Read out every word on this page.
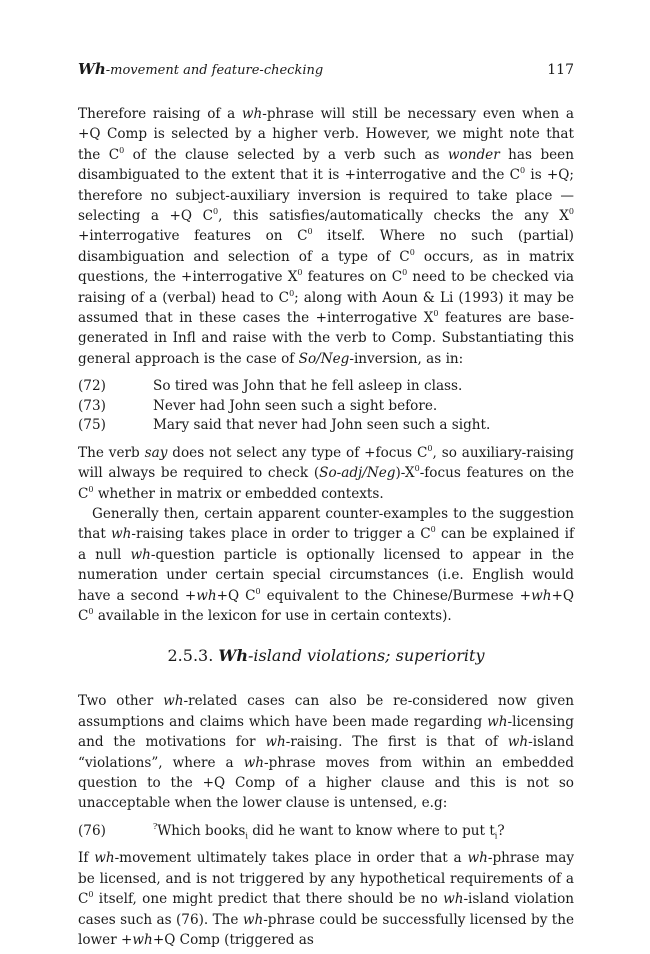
Wh-movement and feature-checking	117

Therefore raising of a wh-phrase will still be necessary even when a +Q Comp is selected by a higher verb. However, we might note that the $C^0$ of the clause selected by a verb such as wonder has been disambiguated to the extent that it is +interrogative and the $C^0$ is +Q; therefore no subject-auxiliary inversion is required to take place — selecting a +Q $C^0$, this satisfies/automatically checks the any $X^0$ +interrogative features on $C^0$ itself. Where no such (partial) disambiguation and selection of a type of $C^0$ occurs, as in matrix questions, the +interrogative $X^0$ features on $C^0$ need to be checked via raising of a (verbal) head to $C^0$; along with Aoun & Li (1993) it may be assumed that in these cases the +interrogative $X^0$ features are base-generated in Infl and raise with the verb to Comp. Substantiating this general approach is the case of So/Neg-inversion, as in:

(72)	So tired was John that he fell asleep in class.
(73)	Never had John seen such a sight before.
(75)	Mary said that never had John seen such a sight.

The verb say does not select any type of +focus $C^0$, so auxiliary-raising will always be required to check $(So-adj/Neg)-X^0$-focus features on the $C^0$ whether in matrix or embedded contexts.

Generally then, certain apparent counter-examples to the suggestion that wh-raising takes place in order to trigger a $C^0$ can be explained if a null wh-question particle is optionally licensed to appear in the numeration under certain special circumstances (i.e. English would have a second +wh+Q $C^0$ equivalent to the Chinese/Burmese +wh+Q $C^0$ available in the lexicon for use in certain contexts).

2.5.3. Wh-island violations; superiority

Two other wh-related cases can also be re-considered now given assumptions and claims which have been made regarding wh-licensing and the motivations for wh-raising. The first is that of wh-island “violations”, where a wh-phrase moves from within an embedded question to the +Q Comp of a higher clause and this is not so unacceptable when the lower clause is untensed, e.g:

(76)	?Which books$_i$ did he want to know where to put $t_i$?

If wh-movement ultimately takes place in order that a wh-phrase may be licensed, and is not triggered by any hypothetical requirements of a $C^0$ itself, one might predict that there should be no wh-island violation cases such as (76). The wh-phrase could be successfully licensed by the lower +wh+Q Comp (triggered as
